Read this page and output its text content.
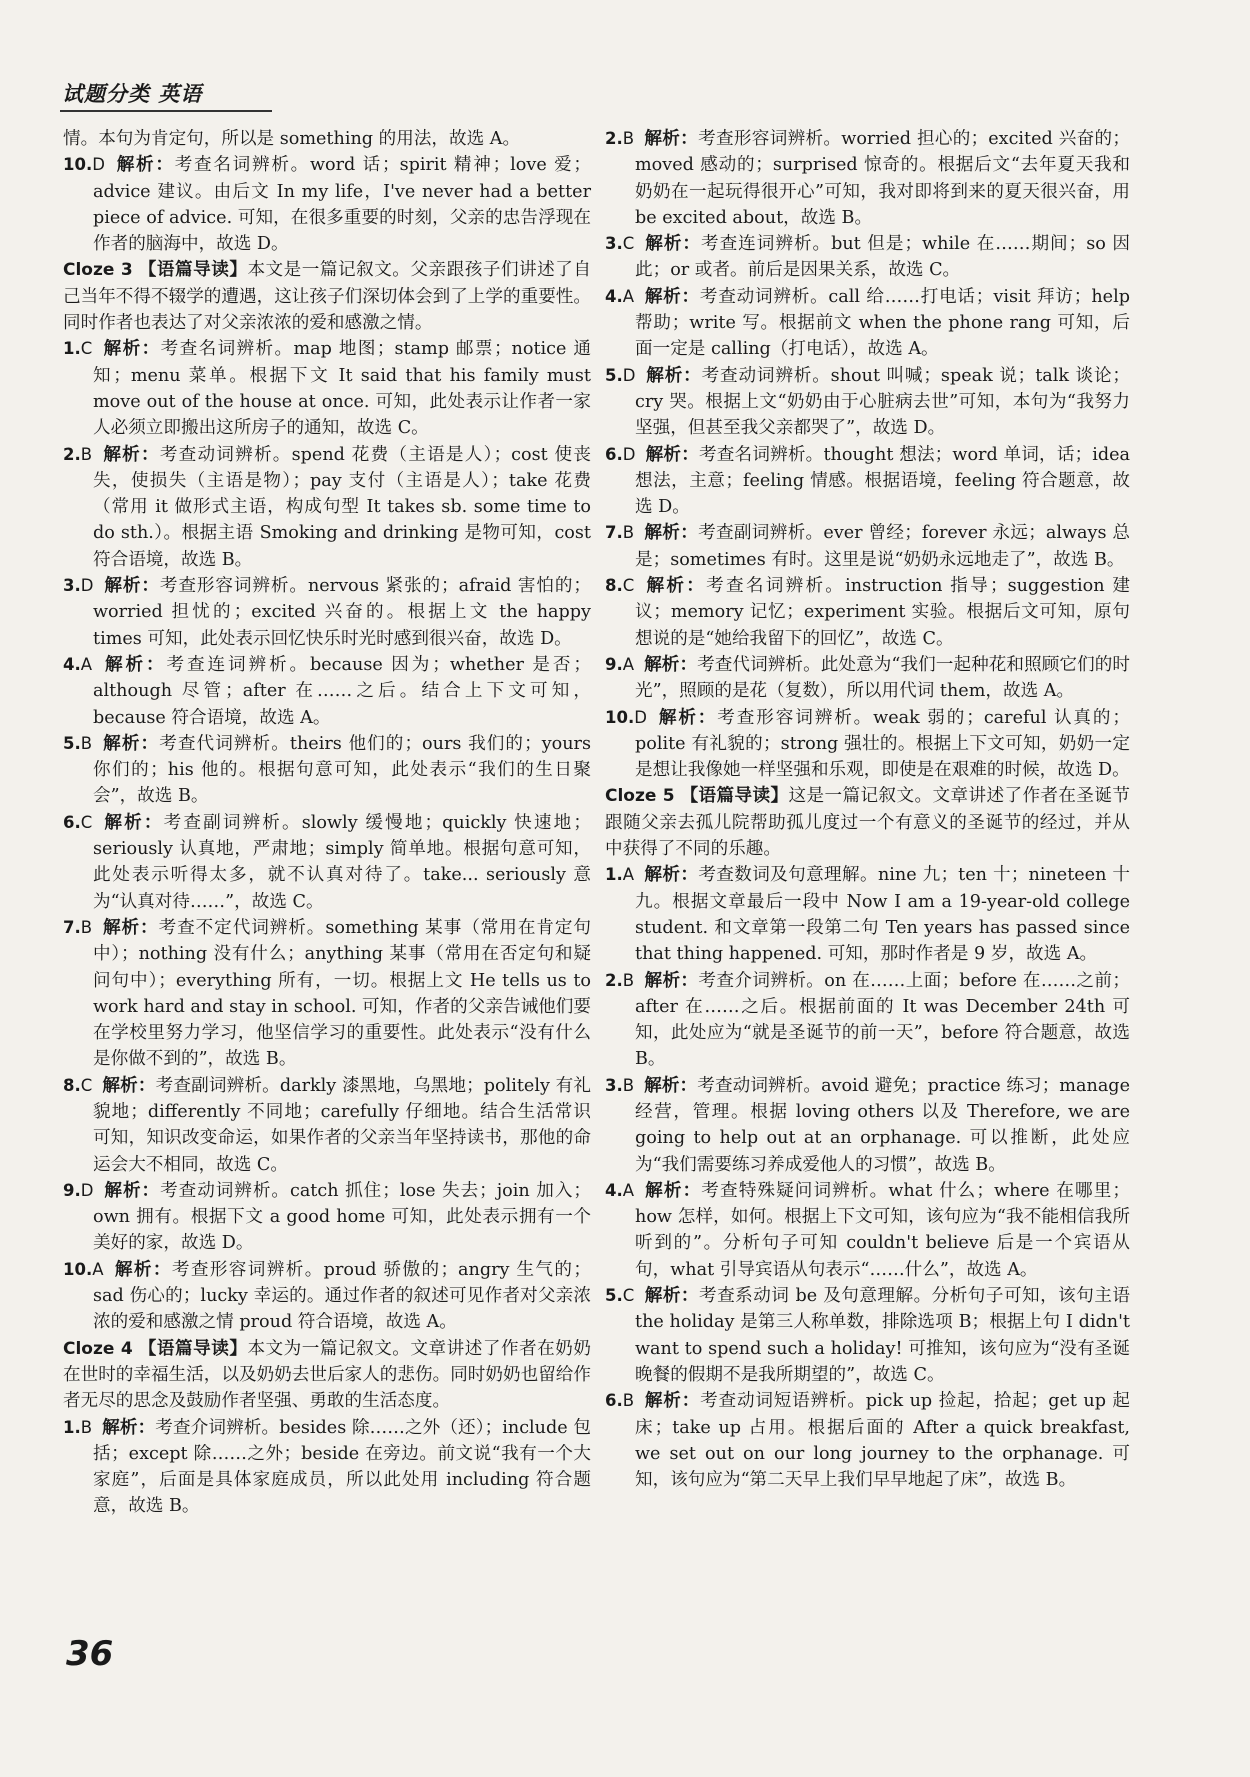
试题分类 英语

情。本句为肯定句，所以是 something 的用法，故选 A。

10.D 解析：考查名词辨析。word 话；spirit 精神；love 爱；advice 建议。由后文 In my life，I've never had a better piece of advice. 可知，在很多重要的时刻，父亲的忠告浮现在作者的脑海中，故选 D。

Cloze 3 【语篇导读】本文是一篇记叙文。父亲跟孩子们讲述了自己当年不得不辍学的遭遇，这让孩子们深切体会到了上学的重要性。同时作者也表达了对父亲浓浓的爱和感激之情。

1.C 解析：考查名词辨析。map 地图；stamp 邮票；notice 通知；menu 菜单。根据下文 It said that his family must move out of the house at once. 可知，此处表示让作者一家人必须立即搬出这所房子的通知，故选 C。

2.B 解析：考查动词辨析。spend 花费（主语是人）；cost 使丧失，使损失（主语是物）；pay 支付（主语是人）；take 花费（常用 it 做形式主语，构成句型 It takes sb. some time to do sth.）。根据主语 Smoking and drinking 是物可知，cost 符合语境，故选 B。

3.D 解析：考查形容词辨析。nervous 紧张的；afraid 害怕的；worried 担忧的；excited 兴奋的。根据上文 the happy times 可知，此处表示回忆快乐时光时感到很兴奋，故选 D。

4.A 解析：考查连词辨析。because 因为；whether 是否；although 尽管；after 在……之后。结合上下文可知，because 符合语境，故选 A。

5.B 解析：考查代词辨析。theirs 他们的；ours 我们的；yours 你们的；his 他的。根据句意可知，此处表示“我们的生日聚会”，故选 B。

6.C 解析：考查副词辨析。slowly 缓慢地；quickly 快速地；seriously 认真地，严肃地；simply 简单地。根据句意可知，此处表示听得太多，就不认真对待了。take... seriously 意为“认真对待……”，故选 C。

7.B 解析：考查不定代词辨析。something 某事（常用在肯定句中）；nothing 没有什么；anything 某事（常用在否定句和疑问句中）；everything 所有，一切。根据上文 He tells us to work hard and stay in school. 可知，作者的父亲告诫他们要在学校里努力学习，他坚信学习的重要性。此处表示“没有什么是你做不到的”，故选 B。

8.C 解析：考查副词辨析。darkly 漆黑地，乌黑地；politely 有礼貌地；differently 不同地；carefully 仔细地。结合生活常识可知，知识改变命运，如果作者的父亲当年坚持读书，那他的命运会大不相同，故选 C。

9.D 解析：考查动词辨析。catch 抓住；lose 失去；join 加入；own 拥有。根据下文 a good home 可知，此处表示拥有一个美好的家，故选 D。

10.A 解析：考查形容词辨析。proud 骄傲的；angry 生气的；sad 伤心的；lucky 幸运的。通过作者的叙述可见作者对父亲浓浓的爱和感激之情 proud 符合语境，故选 A。

Cloze 4 【语篇导读】本文为一篇记叙文。文章讲述了作者在奶奶在世时的幸福生活，以及奶奶去世后家人的悲伤。同时奶奶也留给作者无尽的思念及鼓励作者坚强、勇敢的生活态度。

1.B 解析：考查介词辨析。besides 除……之外（还）；include 包括；except 除……之外；beside 在旁边。前文说“我有一个大家庭”，后面是具体家庭成员，所以此处用 including 符合题意，故选 B。

2.B 解析：考查形容词辨析。worried 担心的；excited 兴奋的；moved 感动的；surprised 惊奇的。根据后文“去年夏天我和奶奶在一起玩得很开心”可知，我对即将到来的夏天很兴奋，用 be excited about，故选 B。

3.C 解析：考查连词辨析。but 但是；while 在……期间；so 因此；or 或者。前后是因果关系，故选 C。

4.A 解析：考查动词辨析。call 给……打电话；visit 拜访；help 帮助；write 写。根据前文 when the phone rang 可知，后面一定是 calling（打电话），故选 A。

5.D 解析：考查动词辨析。shout 叫喊；speak 说；talk 谈论；cry 哭。根据上文“奶奶由于心脏病去世”可知，本句为“我努力坚强，但甚至我父亲都哭了”，故选 D。

6.D 解析：考查名词辨析。thought 想法；word 单词，话；idea 想法，主意；feeling 情感。根据语境，feeling 符合题意，故选 D。

7.B 解析：考查副词辨析。ever 曾经；forever 永远；always 总是；sometimes 有时。这里是说“奶奶永远地走了”，故选 B。

8.C 解析：考查名词辨析。instruction 指导；suggestion 建议；memory 记忆；experiment 实验。根据后文可知，原句想说的是“她给我留下的回忆”，故选 C。

9.A 解析：考查代词辨析。此处意为“我们一起种花和照顾它们的时光”，照顾的是花（复数），所以用代词 them，故选 A。

10.D 解析：考查形容词辨析。weak 弱的；careful 认真的；polite 有礼貌的；strong 强壮的。根据上下文可知，奶奶一定是想让我像她一样坚强和乐观，即使是在艰难的时候，故选 D。

Cloze 5 【语篇导读】这是一篇记叙文。文章讲述了作者在圣诞节跟随父亲去孤儿院帮助孤儿度过一个有意义的圣诞节的经过，并从中获得了不同的乐趣。

1.A 解析：考查数词及句意理解。nine 九；ten 十；nineteen 十九。根据文章最后一段中 Now I am a 19-year-old college student. 和文章第一段第二句 Ten years has passed since that thing happened. 可知，那时作者是 9 岁，故选 A。

2.B 解析：考查介词辨析。on 在……上面；before 在……之前；after 在……之后。根据前面的 It was December 24th 可知，此处应为“就是圣诞节的前一天”，before 符合题意，故选 B。

3.B 解析：考查动词辨析。avoid 避免；practice 练习；manage 经营，管理。根据 loving others 以及 Therefore, we are going to help out at an orphanage. 可以推断，此处应为“我们需要练习养成爱他人的习惯”，故选 B。

4.A 解析：考查特殊疑问词辨析。what 什么；where 在哪里；how 怎样，如何。根据上下文可知，该句应为“我不能相信我所听到的”。分析句子可知 couldn't believe 后是一个宾语从句，what 引导宾语从句表示“……什么”，故选 A。

5.C 解析：考查系动词 be 及句意理解。分析句子可知，该句主语 the holiday 是第三人称单数，排除选项 B；根据上句 I didn't want to spend such a holiday! 可推知，该句应为“没有圣诞晚餐的假期不是我所期望的”，故选 C。

6.B 解析：考查动词短语辨析。pick up 捡起，拾起；get up 起床；take up 占用。根据后面的 After a quick breakfast, we set out on our long journey to the orphanage. 可知，该句应为“第二天早上我们早早地起了床”，故选 B。

36
